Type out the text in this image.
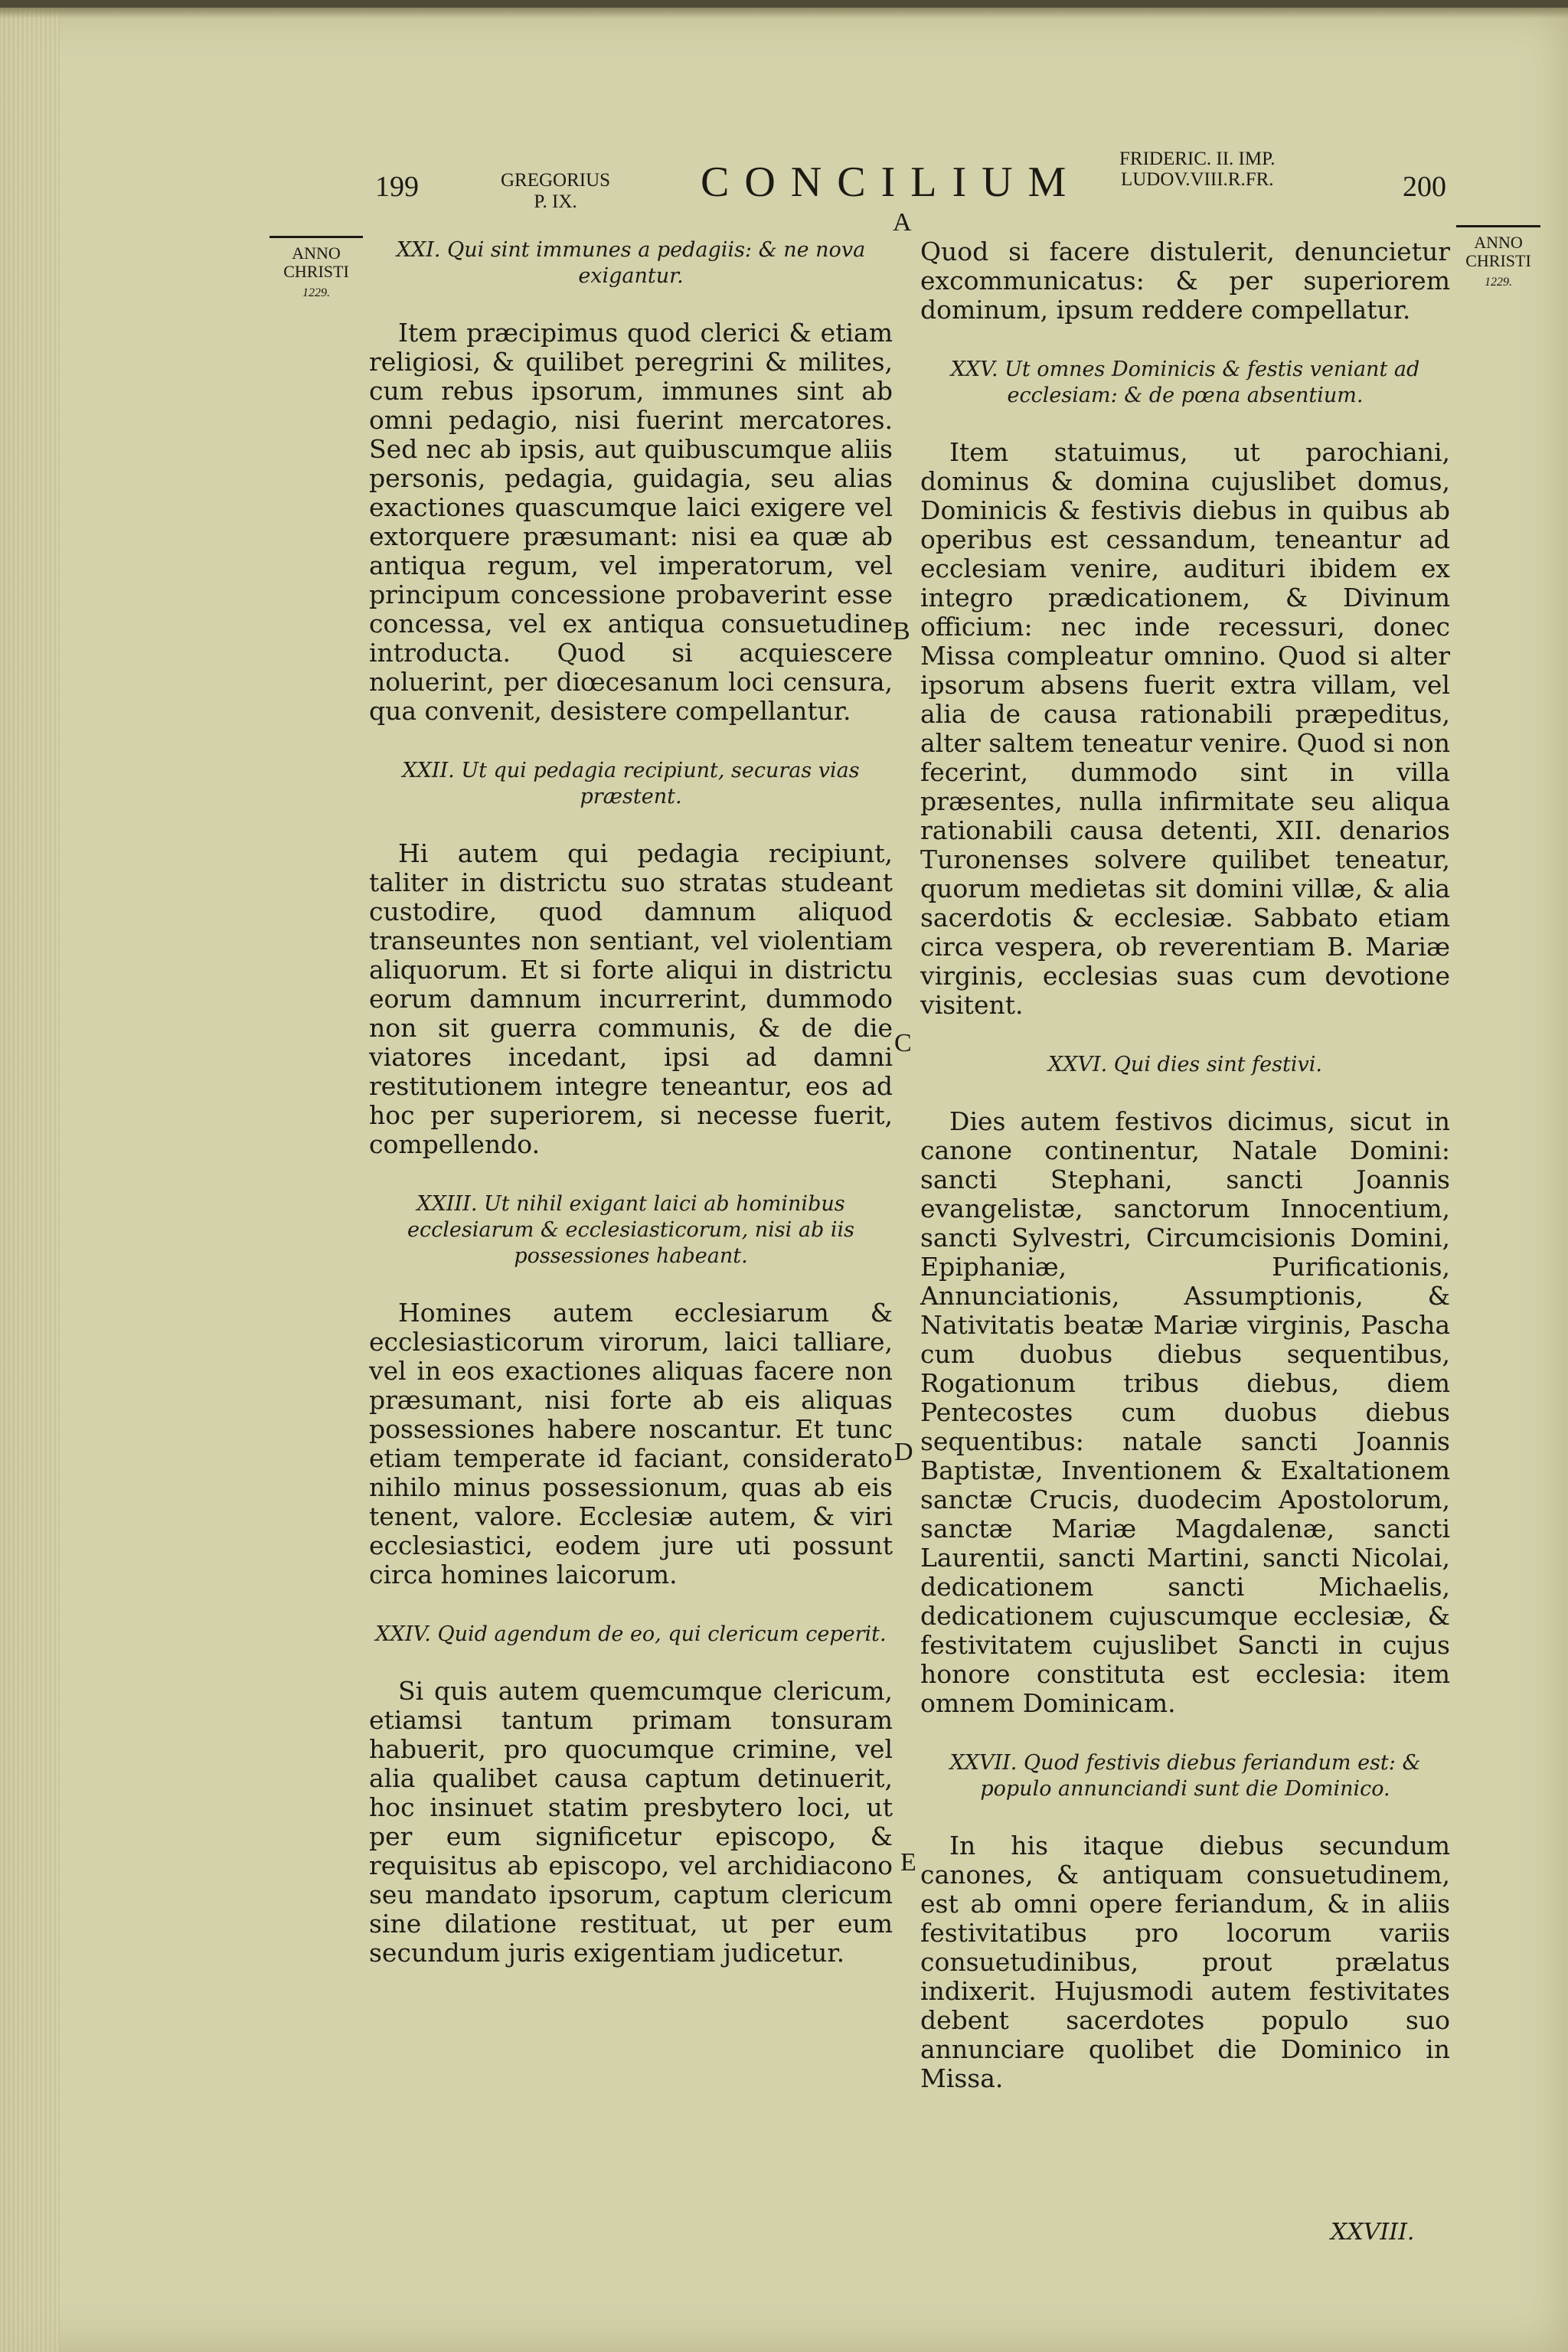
199	GREGORIUS
P. IX.	CONCILIUM FRIDERIC. II. IMP.
LUDOV.VIII.R.FR.	200
ANNO
CHRISTI
1229.
ANNO
CHRISTI
1229.
A
B
C
D
E
XXI. Qui sint immunes a pedagiis: & ne nova exigantur.
Item præcipimus quod clerici & etiam religiosi, & quilibet peregrini & milites, cum rebus ipsorum, immunes sint ab omni pedagio, nisi fuerint mercatores. Sed nec ab ipsis, aut quibuscumque aliis personis, pedagia, guidagia, seu alias exactiones quascumque laici exigere vel extorquere præsumant: nisi ea quæ ab antiqua regum, vel imperatorum, vel principum concessione probaverint esse concessa, vel ex antiqua consuetudine introducta. Quod si acquiescere noluerint, per diœcesanum loci censura, qua convenit, desistere compellantur.
XXII. Ut qui pedagia recipiunt, securas vias præstent.
Hi autem qui pedagia recipiunt, taliter in districtu suo stratas studeant custodire, quod damnum aliquod transeuntes non sentiant, vel violentiam aliquorum. Et si forte aliqui in districtu eorum damnum incurrerint, dummodo non sit guerra communis, & de die viatores incedant, ipsi ad damni restitutionem integre teneantur, eos ad hoc per superiorem, si necesse fuerit, compellendo.
XXIII. Ut nihil exigant laici ab hominibus ecclesiarum & ecclesiasticorum, nisi ab iis possessiones habeant.
Homines autem ecclesiarum & ecclesiasticorum virorum, laici talliare, vel in eos exactiones aliquas facere non præsumant, nisi forte ab eis aliquas possessiones habere noscantur. Et tunc etiam temperate id faciant, considerato nihilo minus possessionum, quas ab eis tenent, valore. Ecclesiæ autem, & viri ecclesiastici, eodem jure uti possunt circa homines laicorum.
XXIV. Quid agendum de eo, qui clericum ceperit.
Si quis autem quemcumque clericum, etiamsi tantum primam tonsuram habuerit, pro quocumque crimine, vel alia qualibet causa captum detinuerit, hoc insinuet statim presbytero loci, ut per eum significetur episcopo, & requisitus ab episcopo, vel archidiacono seu mandato ipsorum, captum clericum sine dilatione restituat, ut per eum secundum juris exigentiam judicetur.
Quod si facere distulerit, denuncietur excommunicatus: & per superiorem dominum, ipsum reddere compellatur.
XXV. Ut omnes Dominicis & festis veniant ad ecclesiam: & de pœna absentium.
Item statuimus, ut parochiani, dominus & domina cujuslibet domus, Dominicis & festivis diebus in quibus ab operibus est cessandum, teneantur ad ecclesiam venire, audituri ibidem ex integro prædicationem, & Divinum officium: nec inde recessuri, donec Missa compleatur omnino. Quod si alter ipsorum absens fuerit extra villam, vel alia de causa rationabili præpeditus, alter saltem teneatur venire. Quod si non fecerint, dummodo sint in villa præsentes, nulla infirmitate seu aliqua rationabili causa detenti, XII. denarios Turonenses solvere quilibet teneatur, quorum medietas sit domini villæ, & alia sacerdotis & ecclesiæ. Sabbato etiam circa vespera, ob reverentiam B. Mariæ virginis, ecclesias suas cum devotione visitent.
XXVI. Qui dies sint festivi.
Dies autem festivos dicimus, sicut in canone continentur, Natale Domini: sancti Stephani, sancti Joannis evangelistæ, sanctorum Innocentium, sancti Sylvestri, Circumcisionis Domini, Epiphaniæ, Purificationis, Annunciationis, Assumptionis, & Nativitatis beatæ Mariæ virginis, Pascha cum duobus diebus sequentibus, Rogationum tribus diebus, diem Pentecostes cum duobus diebus sequentibus: natale sancti Joannis Baptistæ, Inventionem & Exaltationem sanctæ Crucis, duodecim Apostolorum, sanctæ Mariæ Magdalenæ, sancti Laurentii, sancti Martini, sancti Nicolai, dedicationem sancti Michaelis, dedicationem cujuscumque ecclesiæ, & festivitatem cujuslibet Sancti in cujus honore constituta est ecclesia: item omnem Dominicam.
XXVII. Quod festivis diebus feriandum est: & populo annunciandi sunt die Dominico.
In his itaque diebus secundum canones, & antiquam consuetudinem, est ab omni opere feriandum, & in aliis festivitatibus pro locorum variis consuetudinibus, prout prælatus indixerit. Hujusmodi autem festivitates debent sacerdotes populo suo annunciare quolibet die Dominico in Missa.
XXVIII.
